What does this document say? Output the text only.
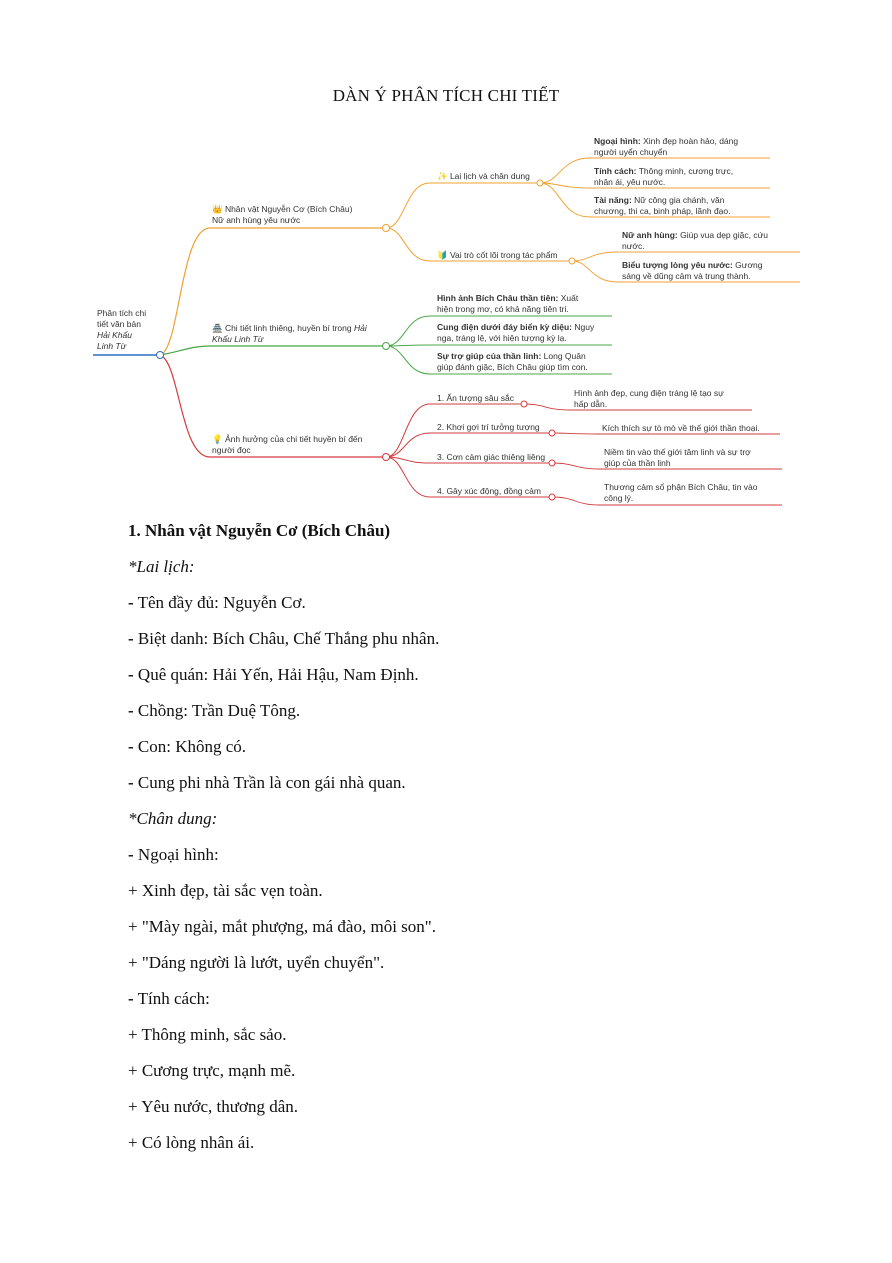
DÀN Ý PHÂN TÍCH CHI TIẾT
Phân tích chi
tiết văn bản
Hải Khẩu
Linh Từ
👑 Nhân vật Nguyễn Cơ (Bích Châu)
Nữ anh hùng yêu nước
✨ Lai lịch và chân dung
🔰 Vai trò cốt lõi trong tác phẩm
Ngoại hình: Xinh đẹp hoàn hảo, dáng
người uyển chuyển
Tính cách: Thông minh, cương trực,
nhân ái, yêu nước.
Tài năng: Nữ công gia chánh, văn
chương, thi ca, binh pháp, lãnh đạo.
Nữ anh hùng: Giúp vua dẹp giặc, cứu
nước.
Biểu tượng lòng yêu nước: Gương
sáng về dũng cảm và trung thành.
🏯 Chi tiết linh thiêng, huyền bí trong Hải
Khẩu Linh Từ
Hình ảnh Bích Châu thần tiên: Xuất
hiện trong mơ, có khả năng tiên tri.
Cung điện dưới đáy biển kỳ diệu: Nguy
nga, tráng lệ, với hiện tượng kỳ lạ.
Sự trợ giúp của thần linh: Long Quân
giúp đánh giặc, Bích Châu giúp tìm con.
💡 Ảnh hưởng của chi tiết huyền bí đến
người đọc
1. Ấn tượng sâu sắc
2. Khơi gợi trí tưởng tượng
3. Cơn cảm giác thiêng liêng
4. Gây xúc động, đồng cảm
Hình ảnh đẹp, cung điện tráng lệ tạo sự
hấp dẫn.
Kích thích sự tò mò về thế giới thần thoại.
Niềm tin vào thế giới tâm linh và sự trợ
giúp của thần linh
Thương cảm số phận Bích Châu, tin vào
công lý.
1. Nhân vật Nguyễn Cơ (Bích Châu)
*Lai lịch:
- Tên đầy đủ: Nguyễn Cơ.
- Biệt danh: Bích Châu, Chế Thắng phu nhân.
- Quê quán: Hải Yến, Hải Hậu, Nam Định.
- Chồng: Trần Duệ Tông.
- Con: Không có.
- Cung phi nhà Trần là con gái nhà quan.
*Chân dung:
- Ngoại hình:
+ Xinh đẹp, tài sắc vẹn toàn.
+ "Mày ngài, mắt phượng, má đào, môi son".
+ "Dáng người là lướt, uyển chuyển".
- Tính cách:
+ Thông minh, sắc sảo.
+ Cương trực, mạnh mẽ.
+ Yêu nước, thương dân.
+ Có lòng nhân ái.
